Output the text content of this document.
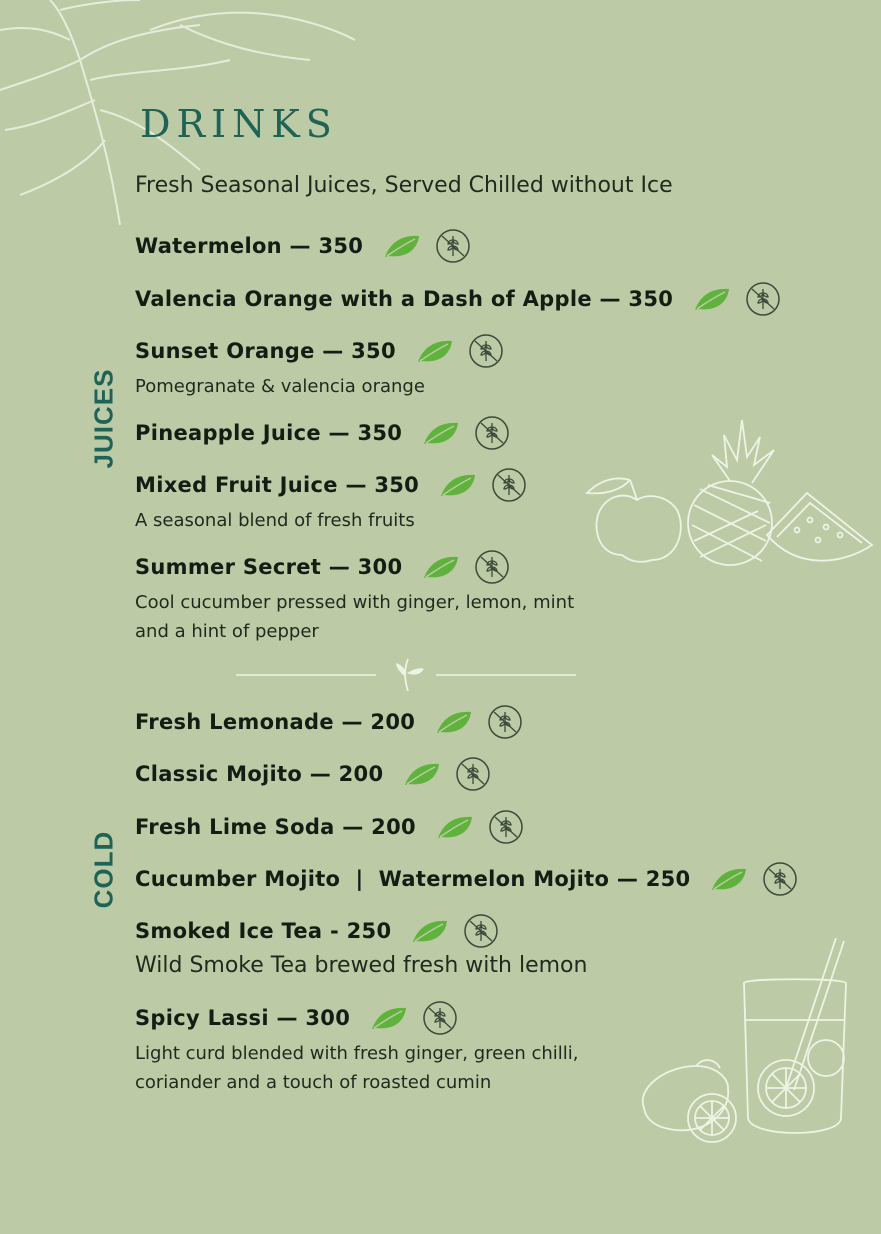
DRINKS
Fresh Seasonal Juices, Served Chilled without Ice
JUICES
COLD
Watermelon — 350
Valencia Orange with a Dash of Apple — 350
Sunset Orange — 350
Pomegranate & valencia orange
Pineapple Juice — 350
Mixed Fruit Juice — 350
A seasonal blend of fresh fruits
Summer Secret — 300
Cool cucumber pressed with ginger, lemon, mint
and a hint of pepper
Fresh Lemonade — 200
Classic Mojito — 200
Fresh Lime Soda — 200
Cucumber Mojito  |  Watermelon Mojito — 250
Smoked Ice Tea - 250
Wild Smoke Tea brewed fresh with lemon
Spicy Lassi — 300
Light curd blended with fresh ginger, green chilli,
coriander and a touch of roasted cumin
